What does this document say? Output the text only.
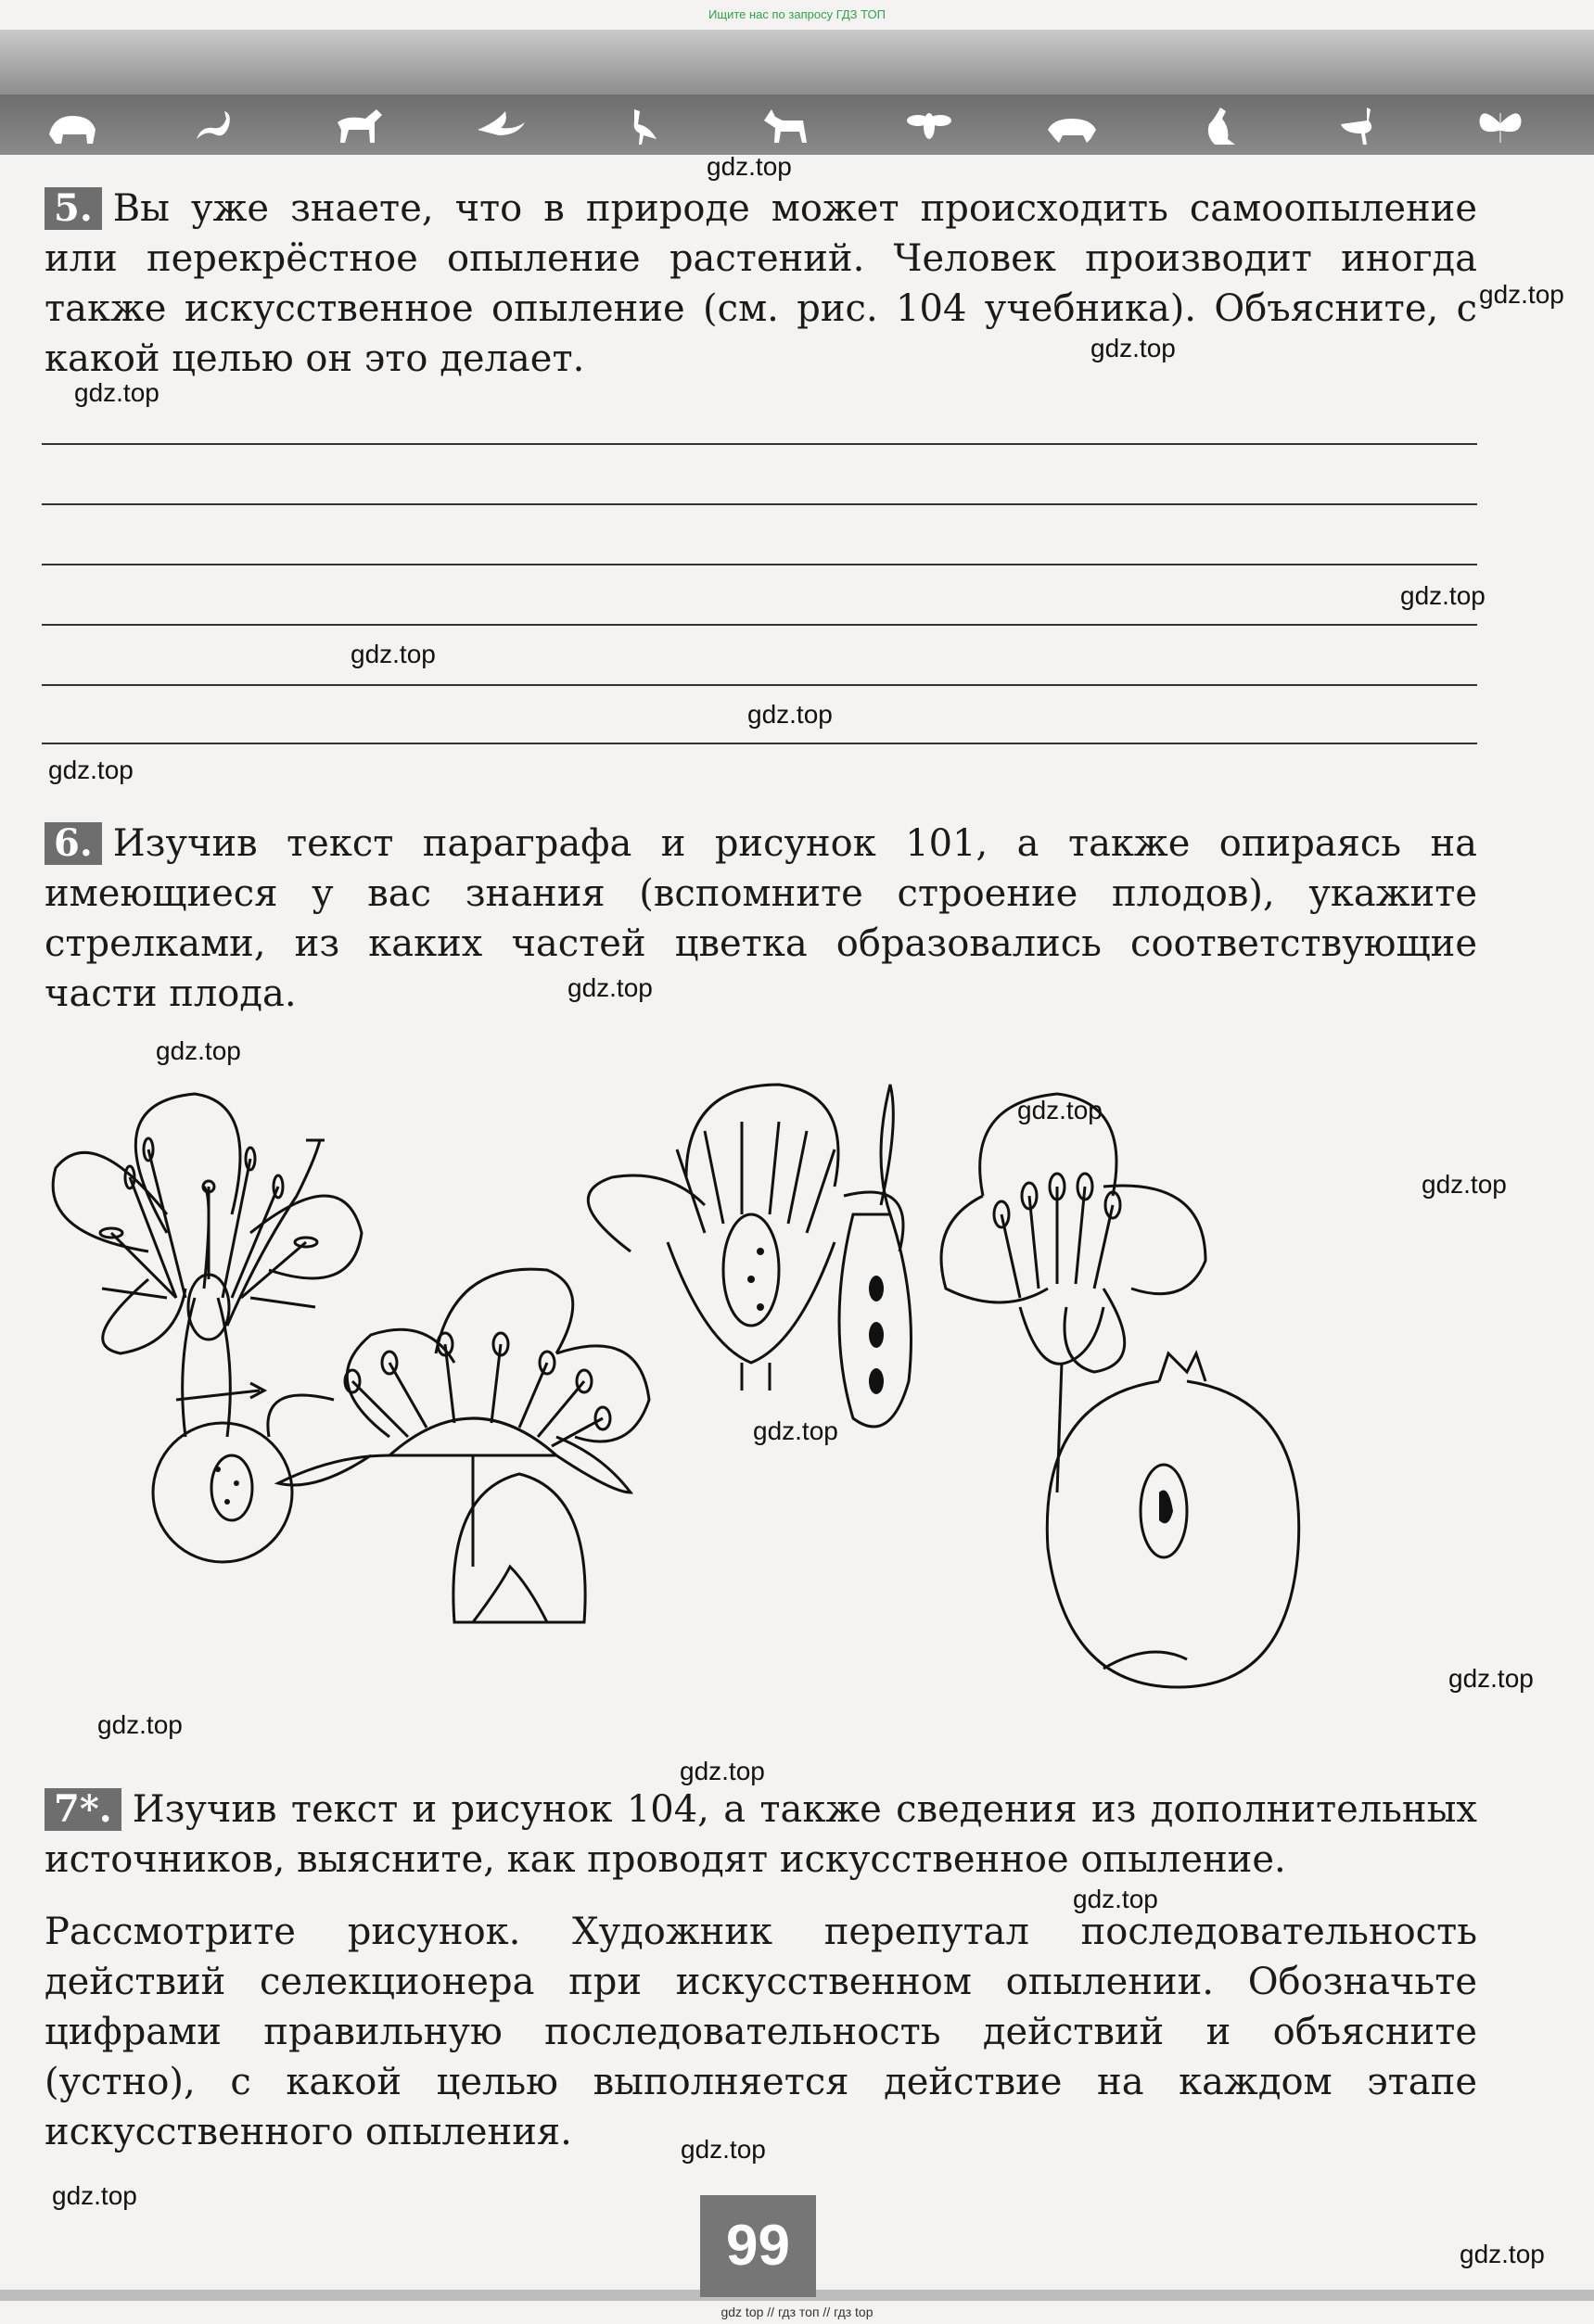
Ищите нас по запросу ГДЗ ТОП
gdz.top
gdz.top
gdz.top
gdz.top
gdz.top
gdz.top
gdz.top
gdz.top
gdz.top
gdz.top
gdz.top
gdz.top
gdz.top
gdz.top
gdz.top
gdz.top
gdz.top
gdz.top
gdz.top
gdz.top
5. Вы уже знаете, что в природе может происходить самоопыление или перекрёстное опыление растений. Человек производит иногда также искусственное опыление (см. рис. 104 учебника). Объясните, с какой целью он это делает.
6. Изучив текст параграфа и рисунок 101, а также опираясь на имеющиеся у вас знания (вспомните строение плодов), укажите стрелками, из каких частей цветка образовались соответствующие части плода.
7*. Изучив текст и рисунок 104, а также сведения из дополнительных источников, выясните, как проводят искусственное опыление.
Рассмотрите рисунок. Художник перепутал последовательность действий селекционера при искусственном опылении. Обозначьте цифрами правильную последовательность действий и объясните (устно), с какой целью выполняется действие на каждом этапе искусственного опыления.
99
gdz top // гдз топ // гдз top
